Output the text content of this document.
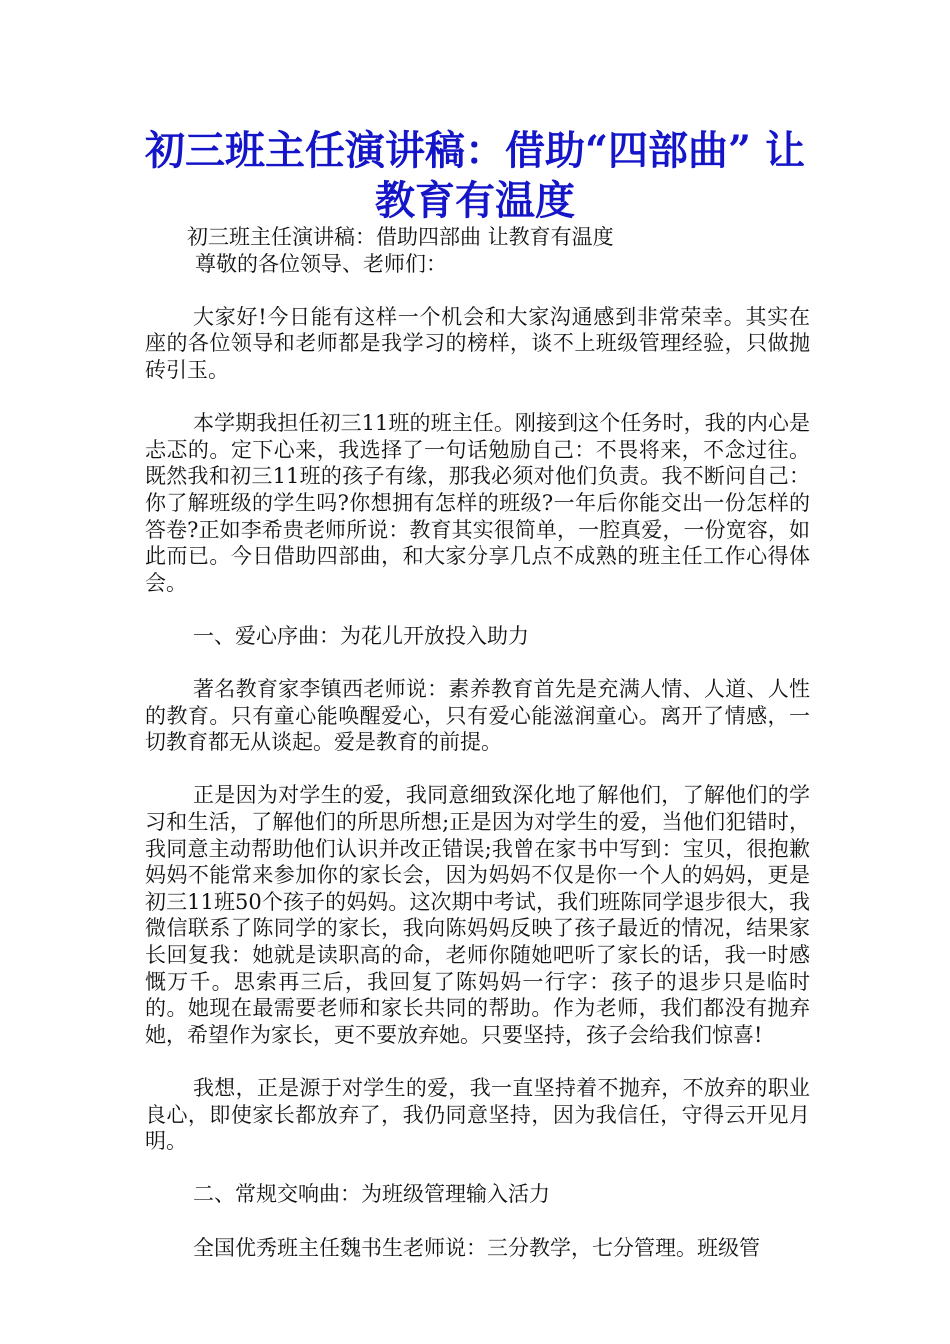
初三班主任演讲稿：借助“四部曲” 让教育有温度
初三班主任演讲稿：借助四部曲 让教育有温度
尊敬的各位领导、老师们：

大家好!今日能有这样一个机会和大家沟通感到非常荣幸。其实在座的各位领导和老师都是我学习的榜样，谈不上班级管理经验，只做抛砖引玉。

本学期我担任初三11班的班主任。刚接到这个任务时，我的内心是忐忑的。定下心来，我选择了一句话勉励自己：不畏将来，不念过往。既然我和初三11班的孩子有缘，那我必须对他们负责。我不断问自己：你了解班级的学生吗?你想拥有怎样的班级?一年后你能交出一份怎样的答卷?正如李希贵老师所说：教育其实很简单，一腔真爱，一份宽容，如此而已。今日借助四部曲，和大家分享几点不成熟的班主任工作心得体会。

一、爱心序曲：为花儿开放投入助力

著名教育家李镇西老师说：素养教育首先是充满人情、人道、人性的教育。只有童心能唤醒爱心，只有爱心能滋润童心。离开了情感，一切教育都无从谈起。爱是教育的前提。

正是因为对学生的爱，我同意细致深化地了解他们，了解他们的学习和生活，了解他们的所思所想;正是因为对学生的爱，当他们犯错时，我同意主动帮助他们认识并改正错误;我曾在家书中写到：宝贝，很抱歉妈妈不能常来参加你的家长会，因为妈妈不仅是你一个人的妈妈，更是初三11班50个孩子的妈妈。这次期中考试，我们班陈同学退步很大，我微信联系了陈同学的家长，我向陈妈妈反映了孩子最近的情况，结果家长回复我：她就是读职高的命，老师你随她吧听了家长的话，我一时感慨万千。思索再三后，我回复了陈妈妈一行字：孩子的退步只是临时的。她现在最需要老师和家长共同的帮助。作为老师，我们都没有抛弃她，希望作为家长，更不要放弃她。只要坚持，孩子会给我们惊喜!

我想，正是源于对学生的爱，我一直坚持着不抛弃，不放弃的职业良心，即使家长都放弃了，我仍同意坚持，因为我信任，守得云开见月明。

二、常规交响曲：为班级管理输入活力

全国优秀班主任魏书生老师说：三分教学，七分管理。班级管
